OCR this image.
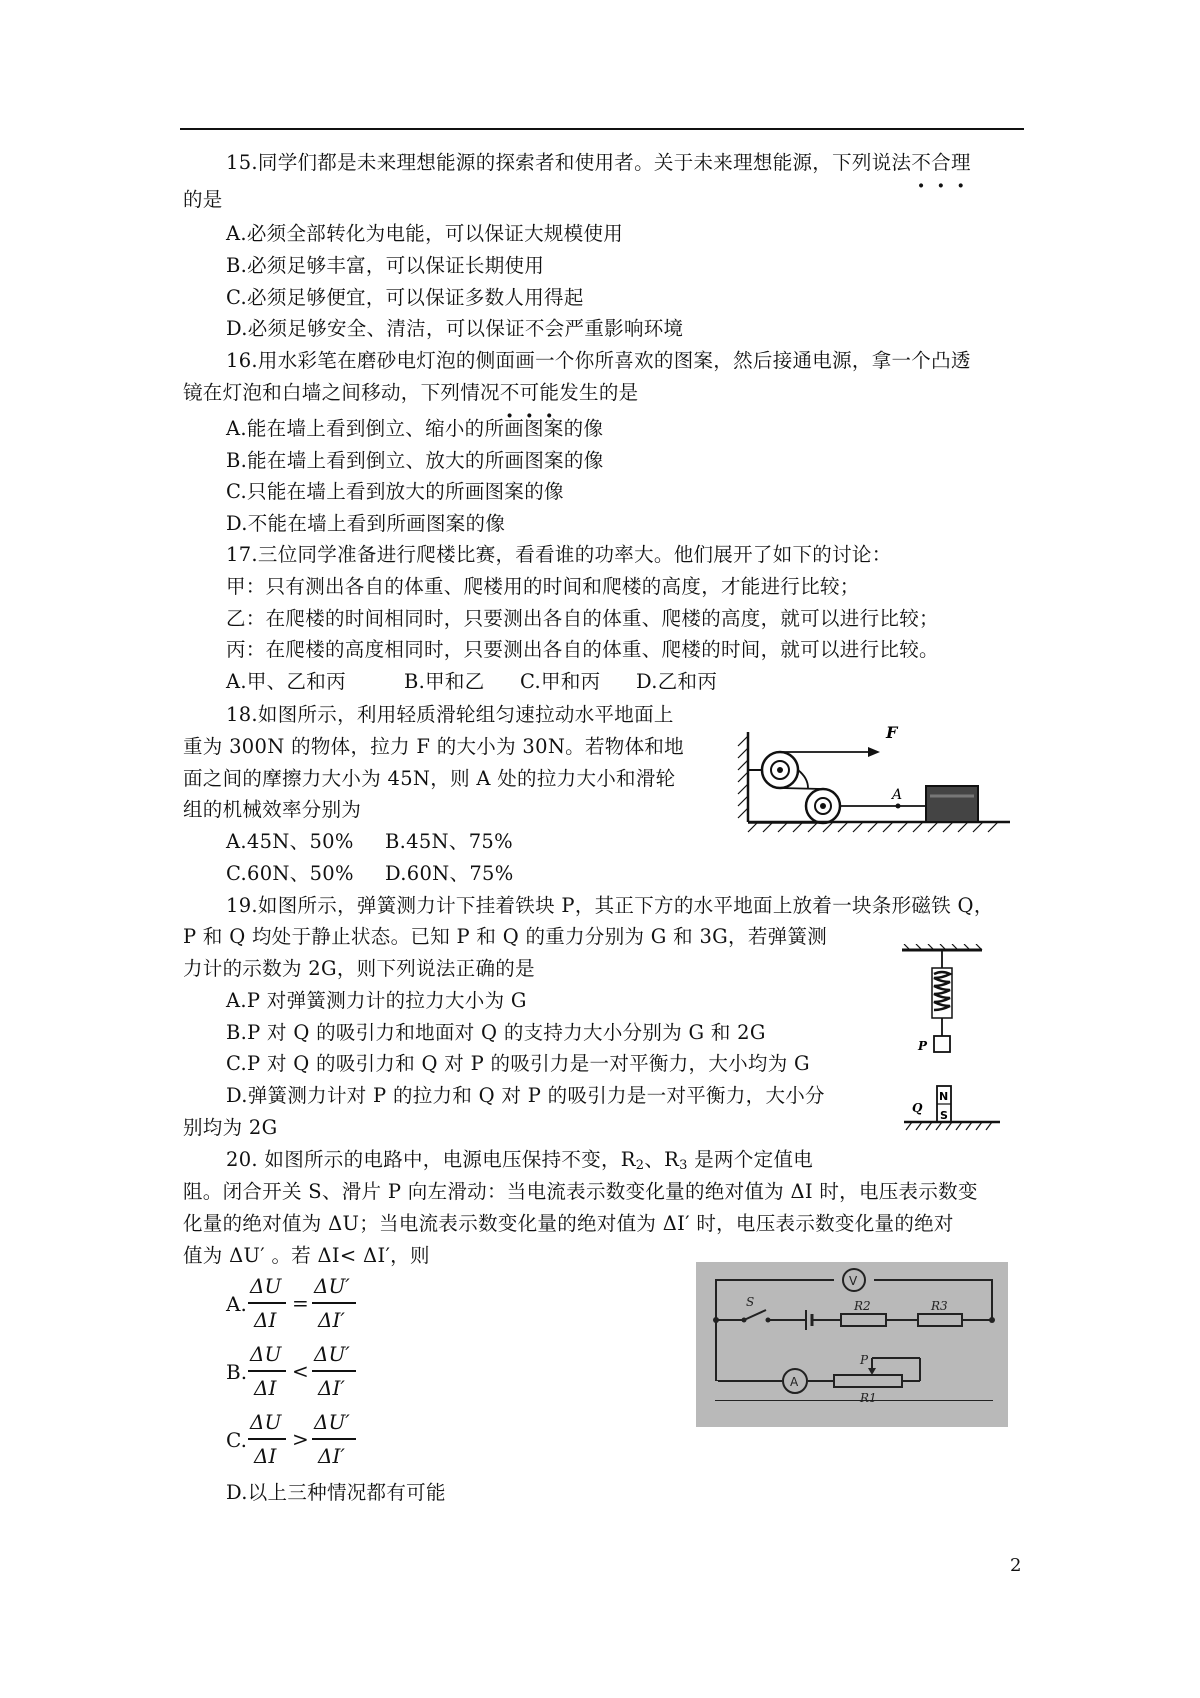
15.同学们都是未来理想能源的探索者和使用者。关于未来理想能源，下列说法不合理
的是
A.必须全部转化为电能，可以保证大规模使用
B.必须足够丰富，可以保证长期使用
C.必须足够便宜，可以保证多数人用得起
D.必须足够安全、清洁，可以保证不会严重影响环境
16.用水彩笔在磨砂电灯泡的侧面画一个你所喜欢的图案，然后接通电源，拿一个凸透
镜在灯泡和白墙之间移动，下列情况不可能发生的是
A.能在墙上看到倒立、缩小的所画图案的像
B.能在墙上看到倒立、放大的所画图案的像
C.只能在墙上看到放大的所画图案的像
D.不能在墙上看到所画图案的像
17.三位同学准备进行爬楼比赛，看看谁的功率大。他们展开了如下的讨论：
甲：只有测出各自的体重、爬楼用的时间和爬楼的高度，才能进行比较；
乙：在爬楼的时间相同时，只要测出各自的体重、爬楼的高度，就可以进行比较；
丙：在爬楼的高度相同时，只要测出各自的体重、爬楼的时间，就可以进行比较。
A.甲、乙和丙	B.甲和乙 C.甲和丙 D.乙和丙
18.如图所示，利用轻质滑轮组匀速拉动水平地面上
重为 300N 的物体，拉力 F 的大小为 30N。若物体和地
面之间的摩擦力大小为 45N，则 A 处的拉力大小和滑轮
组的机械效率分别为
A.45N、50% B.45N、75%
C.60N、50% D.60N、75%
F
A
19.如图所示，弹簧测力计下挂着铁块 P，其正下方的水平地面上放着一块条形磁铁 Q，
P 和 Q 均处于静止状态。已知 P 和 Q 的重力分别为 G 和 3G，若弹簧测
力计的示数为 2G，则下列说法正确的是
A.P 对弹簧测力计的拉力大小为 G
B.P 对 Q 的吸引力和地面对 Q 的支持力大小分别为 G 和 2G
C.P 对 Q 的吸引力和 Q 对 P 的吸引力是一对平衡力，大小均为 G
D.弹簧测力计对 P 的拉力和 Q 对 P 的吸引力是一对平衡力，大小分
别均为 2G
P
N
S
Q
20. 如图所示的电路中，电源电压保持不变，$R_2$、$R_3$ 是两个定值电
阻。闭合开关 S、滑片 P 向左滑动：当电流表示数变化量的绝对值为 ΔI 时，电压表示数变
化量的绝对值为 ΔU；当电流表示数变化量的绝对值为 ΔI′ 时，电压表示数变化量的绝对
值为 ΔU′ 。若 ΔI< ΔI′，则
A.
ΔU
ΔI
=
ΔU′
ΔI′
B.
ΔU
ΔI
<
ΔU′
ΔI′
C.
ΔU
ΔI
>
ΔU′
ΔI′
D.以上三种情况都有可能
V
S	R2	R3
A
P
R1
2
